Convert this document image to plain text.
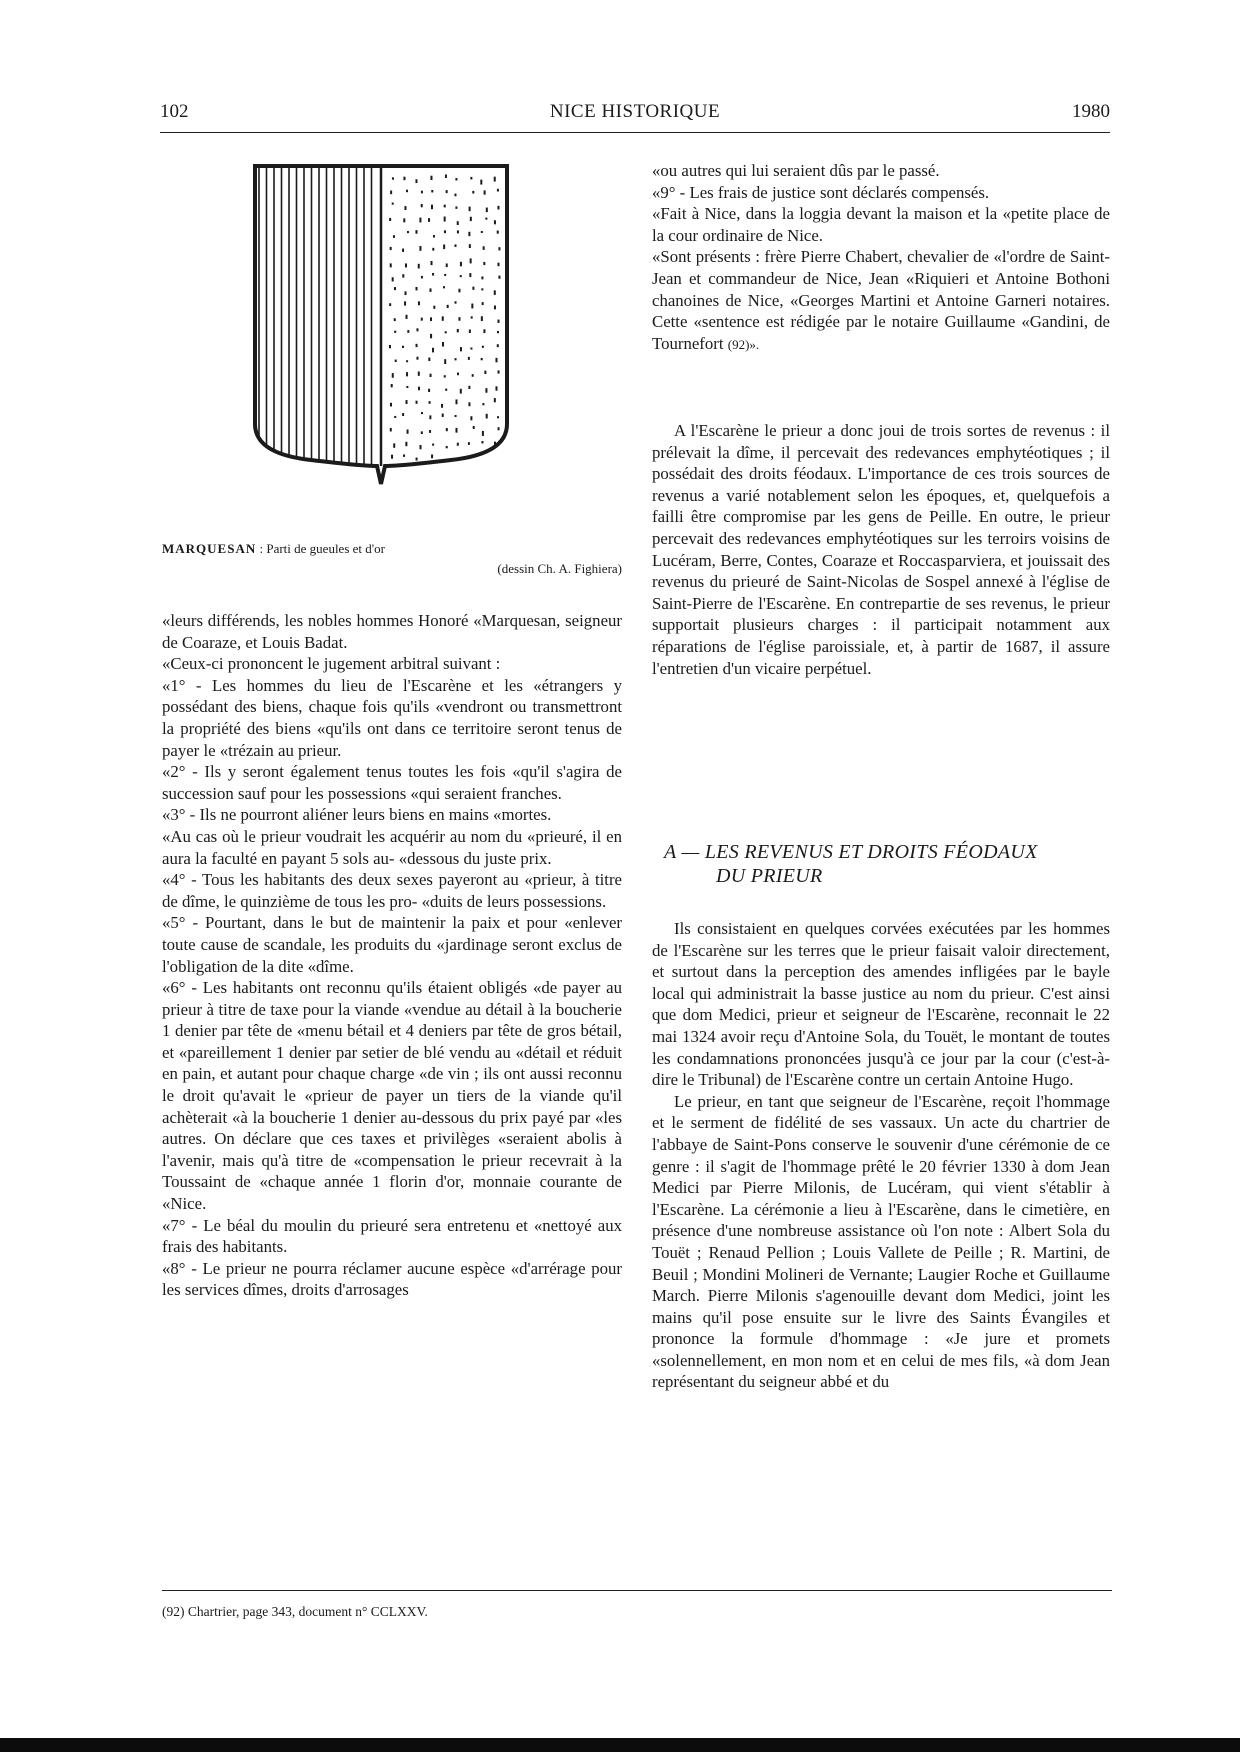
102	NICE HISTORIQUE	1980

MARQUESAN : Parti de gueules et d'or

(dessin Ch. A. Fighiera)

«leurs différends, les nobles hommes Honoré «Marquesan, seigneur de Coaraze, et Louis Badat.

«Ceux-ci prononcent le jugement arbitral suivant :

«1° - Les hommes du lieu de l'Escarène et les «étrangers y possédant des biens, chaque fois qu'ils «vendront ou transmettront la propriété des biens «qu'ils ont dans ce territoire seront tenus de payer le «trézain au prieur.

«2° - Ils y seront également tenus toutes les fois «qu'il s'agira de succession sauf pour les possessions «qui seraient franches.

«3° - Ils ne pourront aliéner leurs biens en mains «mortes.

«Au cas où le prieur voudrait les acquérir au nom du «prieuré, il en aura la faculté en payant 5 sols au- «dessous du juste prix.

«4° - Tous les habitants des deux sexes payeront au «prieur, à titre de dîme, le quinzième de tous les pro- «duits de leurs possessions.

«5° - Pourtant, dans le but de maintenir la paix et pour «enlever toute cause de scandale, les produits du «jardinage seront exclus de l'obligation de la dite «dîme.

«6° - Les habitants ont reconnu qu'ils étaient obligés «de payer au prieur à titre de taxe pour la viande «vendue au détail à la boucherie 1 denier par tête de «menu bétail et 4 deniers par tête de gros bétail, et «pareillement 1 denier par setier de blé vendu au «détail et réduit en pain, et autant pour chaque charge «de vin ; ils ont aussi reconnu le droit qu'avait le «prieur de payer un tiers de la viande qu'il achèterait «à la boucherie 1 denier au-dessous du prix payé par «les autres. On déclare que ces taxes et privilèges «seraient abolis à l'avenir, mais qu'à titre de «compensation le prieur recevrait à la Toussaint de «chaque année 1 florin d'or, monnaie courante de «Nice.

«7° - Le béal du moulin du prieuré sera entretenu et «nettoyé aux frais des habitants.

«8° - Le prieur ne pourra réclamer aucune espèce «d'arrérage pour les services dîmes, droits d'arrosages

«ou autres qui lui seraient dûs par le passé.

«9° - Les frais de justice sont déclarés compensés.

«Fait à Nice, dans la loggia devant la maison et la «petite place de la cour ordinaire de Nice.

«Sont présents : frère Pierre Chabert, chevalier de «l'ordre de Saint-Jean et commandeur de Nice, Jean «Riquieri et Antoine Bothoni chanoines de Nice, «Georges Martini et Antoine Garneri notaires. Cette «sentence est rédigée par le notaire Guillaume «Gandini, de Tournefort (92)».

A l'Escarène le prieur a donc joui de trois sortes de revenus : il prélevait la dîme, il percevait des redevances emphytéotiques ; il possédait des droits féodaux. L'importance de ces trois sources de revenus a varié notablement selon les époques, et, quelquefois a failli être compromise par les gens de Peille. En outre, le prieur percevait des redevances emphytéotiques sur les terroirs voisins de Lucéram, Berre, Contes, Coaraze et Roccasparviera, et jouissait des revenus du prieuré de Saint-Nicolas de Sospel annexé à l'église de Saint-Pierre de l'Escarène. En contrepartie de ses revenus, le prieur supportait plusieurs charges : il participait notamment aux réparations de l'église paroissiale, et, à partir de 1687, il assure l'entretien d'un vicaire perpétuel.

A — LES REVENUS ET DROITS FÉODAUX
DU PRIEUR

Ils consistaient en quelques corvées exécutées par les hommes de l'Escarène sur les terres que le prieur faisait valoir directement, et surtout dans la perception des amendes infligées par le bayle local qui administrait la basse justice au nom du prieur. C'est ainsi que dom Medici, prieur et seigneur de l'Escarène, reconnait le 22 mai 1324 avoir reçu d'Antoine Sola, du Touët, le montant de toutes les condamnations prononcées jusqu'à ce jour par la cour (c'est-à-dire le Tribunal) de l'Escarène contre un certain Antoine Hugo.

Le prieur, en tant que seigneur de l'Escarène, reçoit l'hommage et le serment de fidélité de ses vassaux. Un acte du chartrier de l'abbaye de Saint-Pons conserve le souvenir d'une cérémonie de ce genre : il s'agit de l'hommage prêté le 20 février 1330 à dom Jean Medici par Pierre Milonis, de Lucéram, qui vient s'établir à l'Escarène. La cérémonie a lieu à l'Escarène, dans le cimetière, en présence d'une nombreuse assistance où l'on note : Albert Sola du Touët ; Renaud Pellion ; Louis Vallete de Peille ; R. Martini, de Beuil ; Mondini Molineri de Vernante; Laugier Roche et Guillaume March. Pierre Milonis s'agenouille devant dom Medici, joint les mains qu'il pose ensuite sur le livre des Saints Évangiles et prononce la formule d'hommage : «Je jure et promets «solennellement, en mon nom et en celui de mes fils, «à dom Jean représentant du seigneur abbé et du

(92) Chartrier, page 343, document n° CCLXXV.
